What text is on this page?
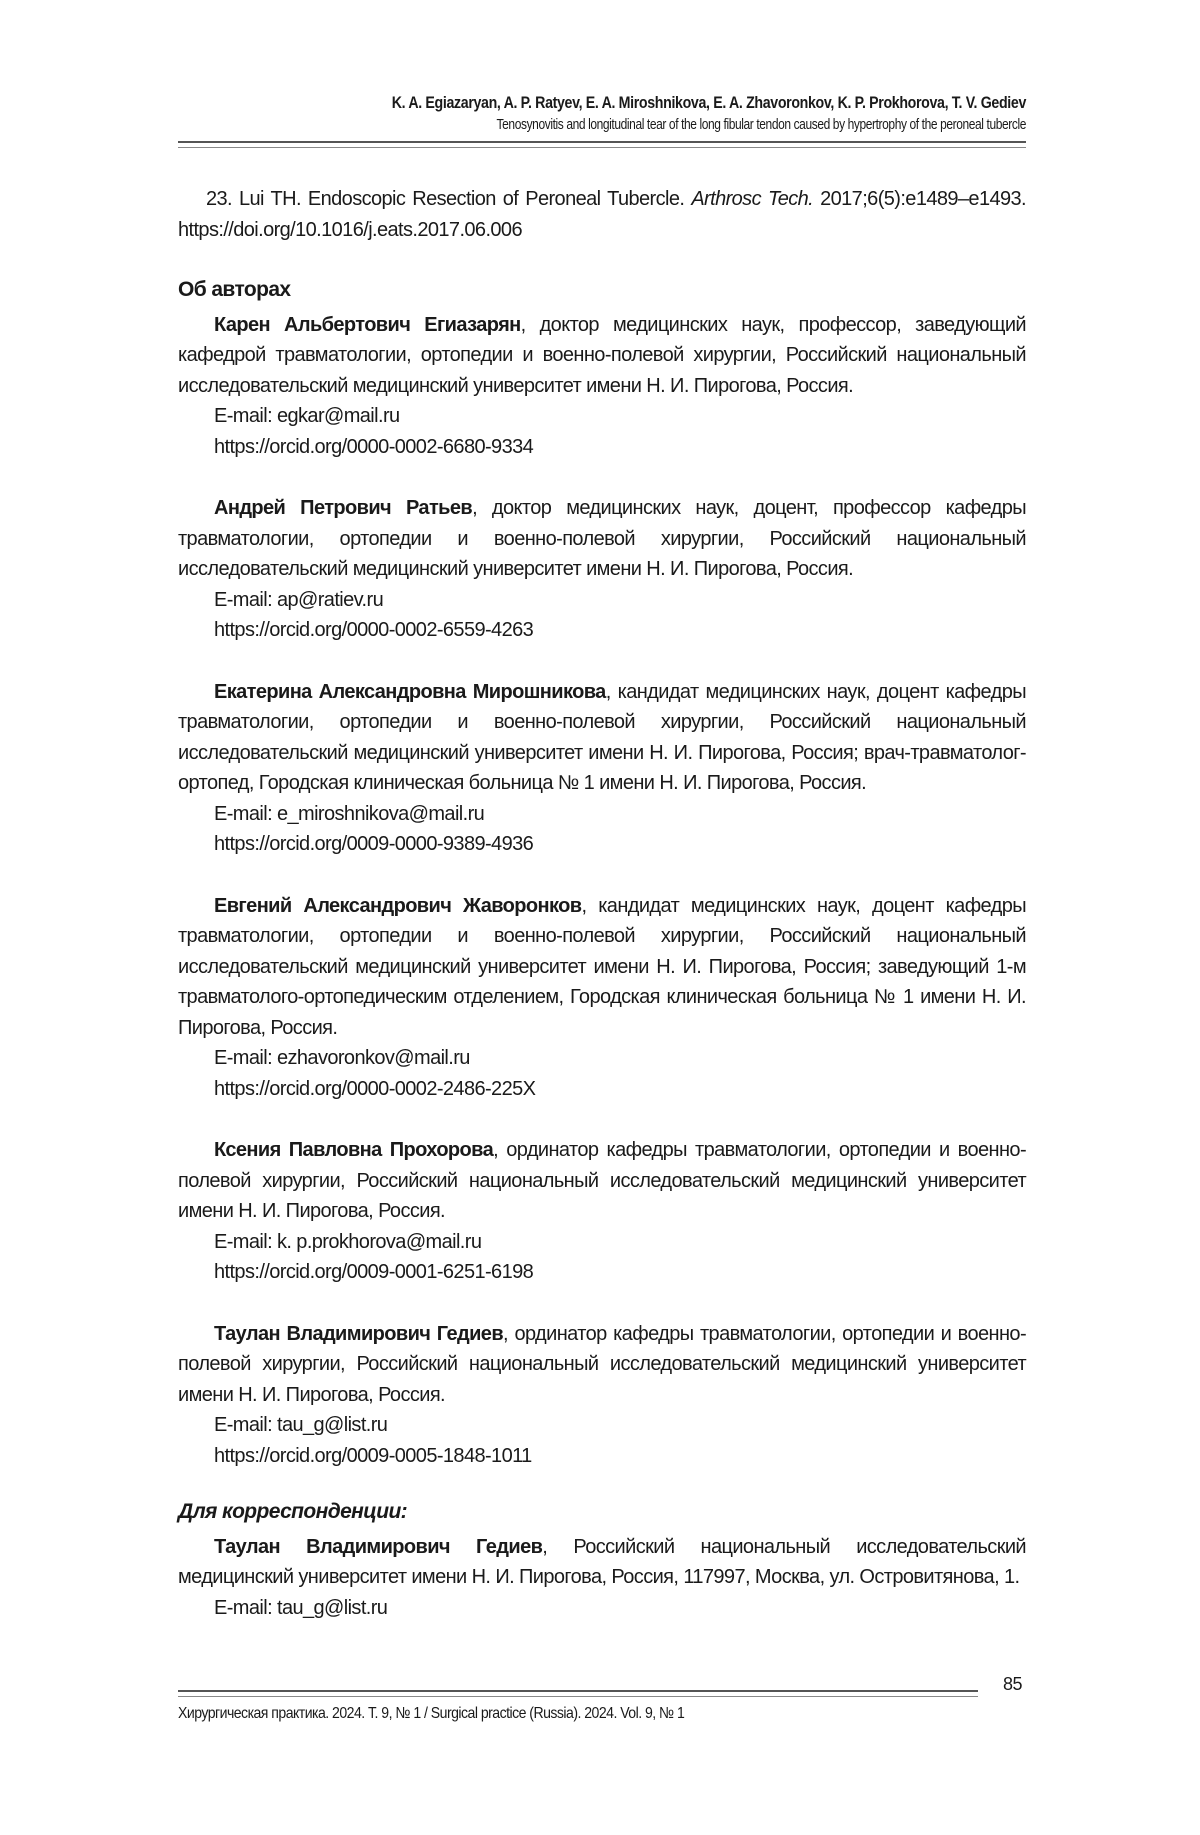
K. A. Egiazaryan, A. P. Ratyev, E. A. Miroshnikova, E. A. Zhavoronkov, K. P. Prokhorova, T. V. Gediev
Tenosynovitis and longitudinal tear of the long fibular tendon caused by hypertrophy of the peroneal tubercle

23. Lui TH. Endoscopic Resection of Peroneal Tubercle. Arthrosc Tech. 2017;6(5):e1489–e1493. https://doi.org/10.1016/j.eats.2017.06.006

Об авторах

Карен Альбертович Егиазарян, доктор медицинских наук, профессор, заведующий кафедрой травматологии, ортопедии и военно-полевой хирургии, Российский национальный исследовательский медицинский университет имени Н. И. Пирогова, Россия.

E-mail: egkar@mail.ru
https://orcid.org/0000-0002-6680-9334

Андрей Петрович Ратьев, доктор медицинских наук, доцент, профессор кафедры травматологии, ортопедии и военно-полевой хирургии, Российский национальный исследовательский медицинский университет имени Н. И. Пирогова, Россия.

E-mail: ap@ratiev.ru
https://orcid.org/0000-0002-6559-4263

Екатерина Александровна Мирошникова, кандидат медицинских наук, доцент кафедры травматологии, ортопедии и военно-полевой хирургии, Российский национальный исследовательский медицинский университет имени Н. И. Пирогова, Россия; врач-травматолог-ортопед, Городская клиническая больница № 1 имени Н. И. Пирогова, Россия.

E-mail: e_miroshnikova@mail.ru
https://orcid.org/0009-0000-9389-4936

Евгений Александрович Жаворонков, кандидат медицинских наук, доцент кафедры травматологии, ортопедии и военно-полевой хирургии, Российский национальный исследовательский медицинский университет имени Н. И. Пирогова, Россия; заведующий 1-м травматолого-ортопедическим отделением, Городская клиническая больница № 1 имени Н. И. Пирогова, Россия.

E-mail: ezhavoronkov@mail.ru
https://orcid.org/0000-0002-2486-225X

Ксения Павловна Прохорова, ординатор кафедры травматологии, ортопедии и военно-полевой хирургии, Российский национальный исследовательский медицинский университет имени Н. И. Пирогова, Россия.

E-mail: k. p.prokhorova@mail.ru
https://orcid.org/0009-0001-6251-6198

Таулан Владимирович Гедиев, ординатор кафедры травматологии, ортопедии и военно-полевой хирургии, Российский национальный исследовательский медицинский университет имени Н. И. Пирогова, Россия.

E-mail: tau_g@list.ru
https://orcid.org/0009-0005-1848-1011
Для корреспонденции:

Таулан Владимирович Гедиев, Российский национальный исследовательский медицинский университет имени Н. И. Пирогова, Россия, 117997, Москва, ул. Островитянова, 1.

E-mail: tau_g@list.ru
85
Хирургическая практика. 2024. Т. 9, № 1 / Surgical practice (Russia). 2024. Vol. 9, № 1
